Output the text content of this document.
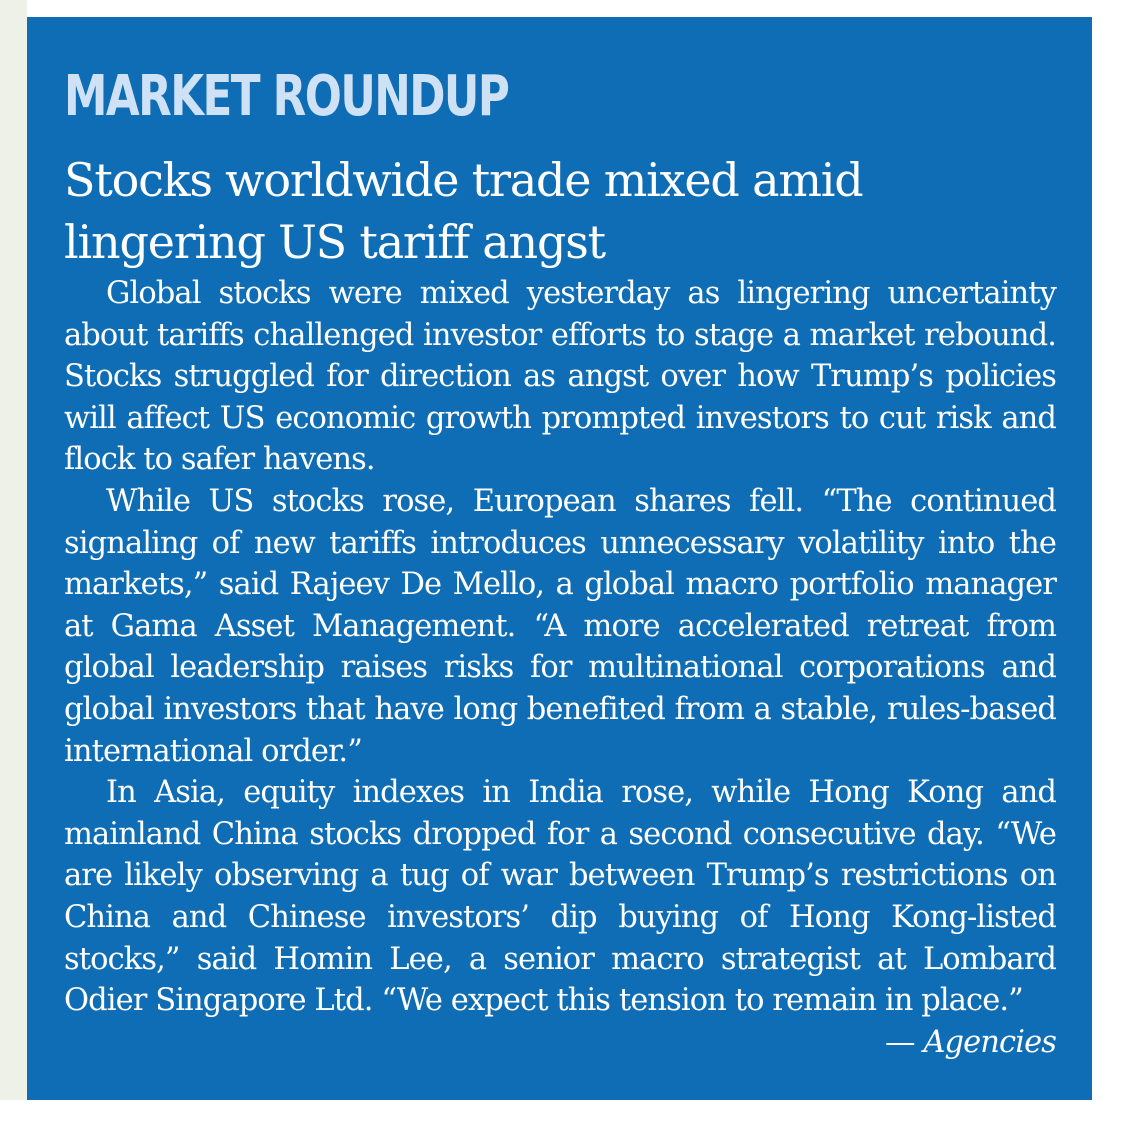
MARKET ROUNDUP
Stocks worldwide trade mixed amid lingering US tariff angst

Global stocks were mixed yesterday as lingering uncertainty about tariffs challenged investor efforts to stage a market rebound. Stocks struggled for direction as angst over how Trump’s policies will affect US economic growth prompted investors to cut risk and flock to safer havens.

While US stocks rose, European shares fell. “The continued signaling of new tariffs introduces unnecessary volatility into the markets,” said Rajeev De Mello, a global macro portfolio manager at Gama Asset Management. “A more accelerated retreat from global leadership raises risks for multinational corporations and global investors that have long benefited from a stable, rules-based international order.”

In Asia, equity indexes in India rose, while Hong Kong and mainland China stocks dropped for a second consecutive day. “We are likely observing a tug of war between Trump’s restrictions on China and Chinese investors’ dip buying of Hong Kong-listed stocks,” said Homin Lee, a senior macro strategist at Lombard Odier Singapore Ltd. “We expect this tension to remain in place.”
— Agencies
